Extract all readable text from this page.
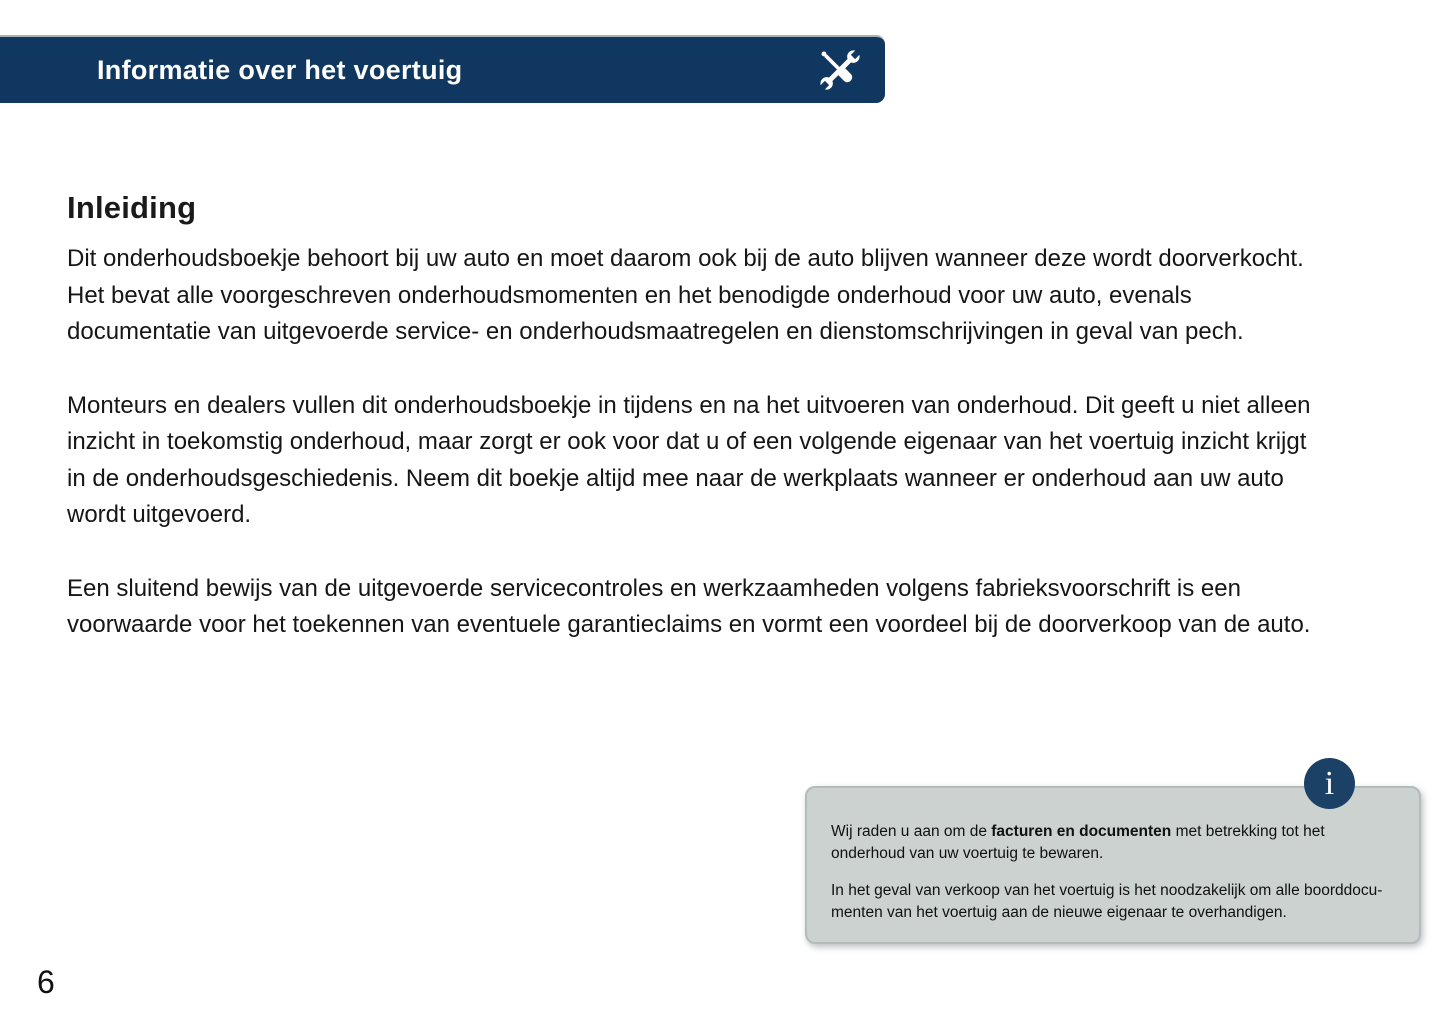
Informatie over het voertuig
Inleiding

Dit onderhoudsboekje behoort bij uw auto en moet daarom ook bij de auto blijven wanneer deze wordt doorverkocht. Het bevat alle voorgeschreven onderhoudsmomenten en het benodigde onderhoud voor uw auto, evenals documentatie van uitgevoerde service- en onderhoudsmaatregelen en dienstomschrijvingen in geval van pech.

Monteurs en dealers vullen dit onderhoudsboekje in tijdens en na het uitvoeren van onderhoud. Dit geeft u niet alleen inzicht in toekomstig onderhoud, maar zorgt er ook voor dat u of een volgende eigenaar van het voertuig inzicht krijgt in de onderhoudsgeschiedenis. Neem dit boekje altijd mee naar de werkplaats wanneer er onderhoud aan uw auto wordt uitgevoerd.

Een sluitend bewijs van de uitgevoerde servicecontroles en werkzaamheden volgens fabrieksvoorschrift is een voorwaarde voor het toekennen van eventuele garantieclaims en vormt een voordeel bij de doorverkoop van de auto.

i

Wij raden u aan om de facturen en documenten met betrekking tot het onderhoud van uw voertuig te bewaren.

In het geval van verkoop van het voertuig is het noodzakelijk om alle boorddocumenten van het voertuig aan de nieuwe eigenaar te overhandigen.

6
